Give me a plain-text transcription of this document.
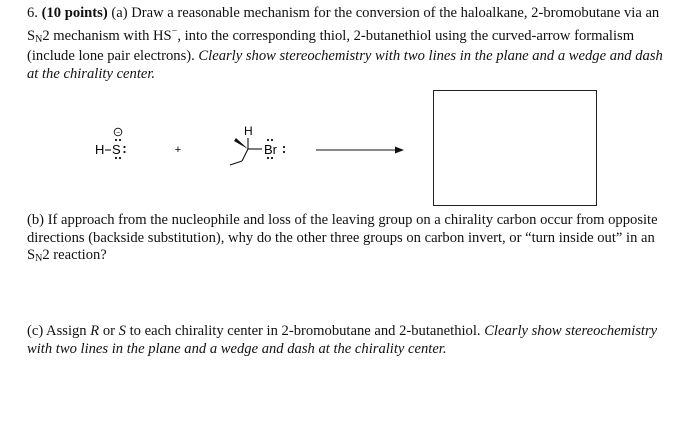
6. (10 points) (a) Draw a reasonable mechanism for the conversion of the haloalkane, 2-bromobutane via an $S_N2$ mechanism with HS−, into the corresponding thiol, 2-butanethiol using the curved-arrow formalism (include lone pair electrons). Clearly show stereochemistry with two lines in the plane and a wedge and dash at the chirality center.
H S
−
+
H
Br
(b) If approach from the nucleophile and loss of the leaving group on a chirality carbon occur from opposite directions (backside substitution), why do the other three groups on carbon invert, or “turn inside out” in an $S_N2$ reaction?
(c) Assign R or S to each chirality center in 2-bromobutane and 2-butanethiol. Clearly show stereochemistry with two lines in the plane and a wedge and dash at the chirality center.
